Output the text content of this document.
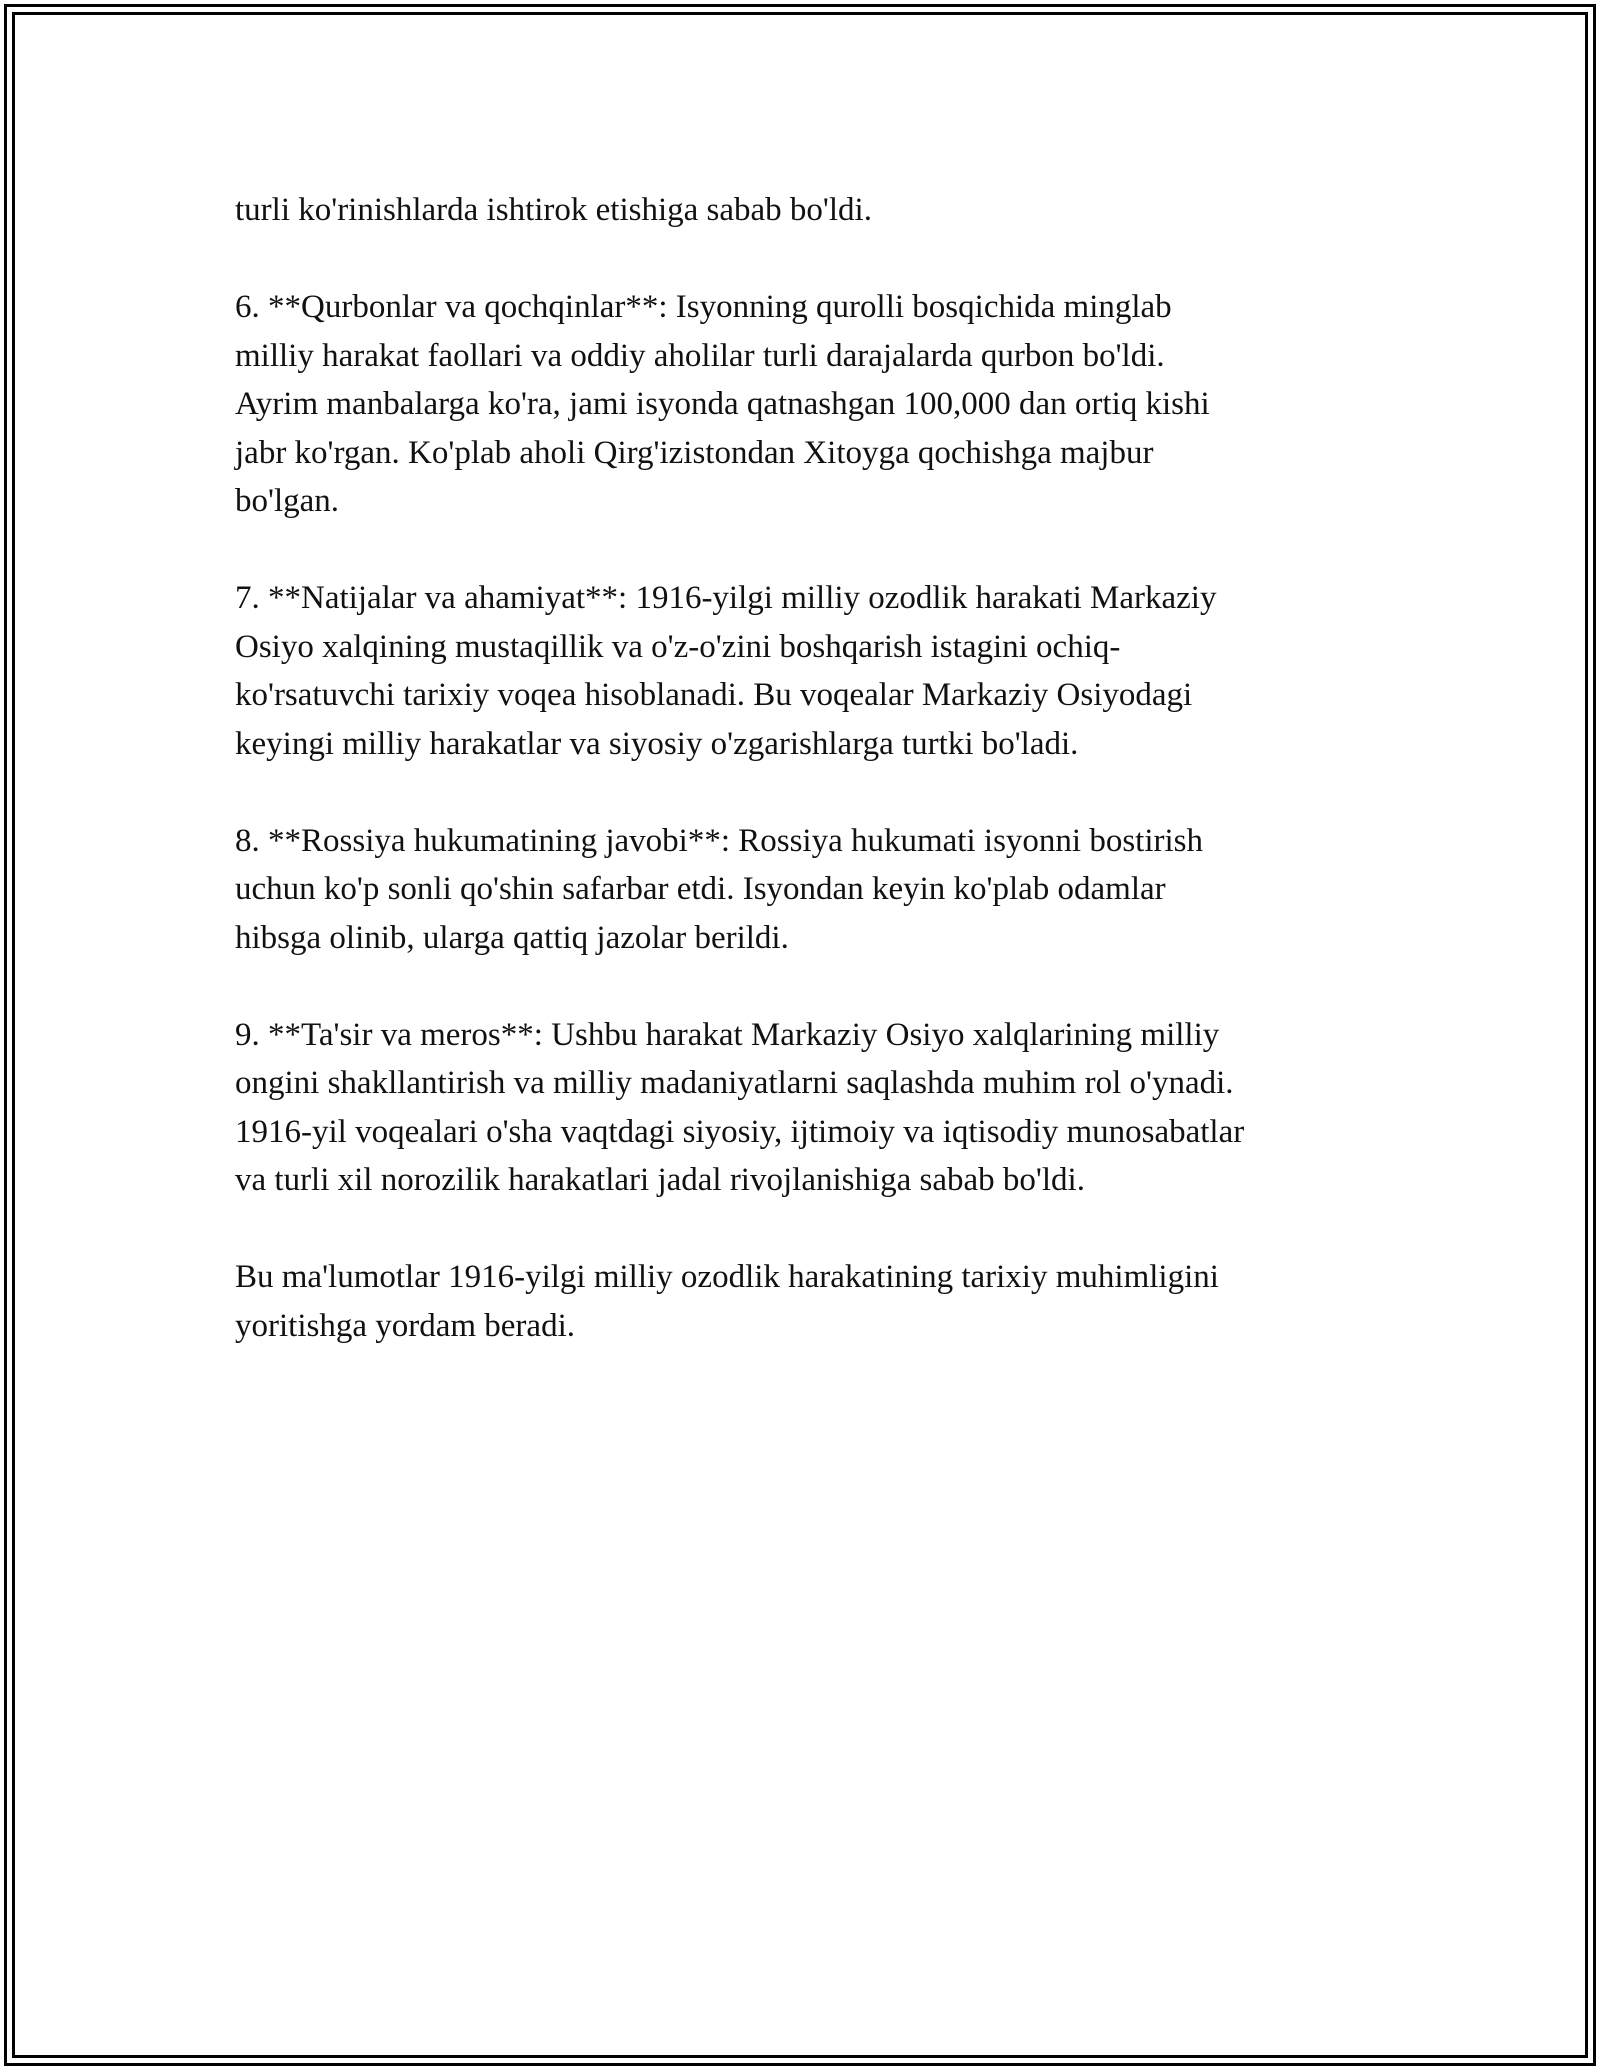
turli ko'rinishlarda ishtirok etishiga sabab bo'ldi.

6. **Qurbonlar va qochqinlar**: Isyonning qurolli bosqichida minglab
milliy harakat faollari va oddiy aholilar turli darajalarda qurbon bo'ldi.
Ayrim manbalarga ko'ra, jami isyonda qatnashgan 100,000 dan ortiq kishi
jabr ko'rgan. Ko'plab aholi Qirg'izistondan Xitoyga qochishga majbur
bo'lgan.

7. **Natijalar va ahamiyat**: 1916-yilgi milliy ozodlik harakati Markaziy
Osiyo xalqining mustaqillik va o'z-o'zini boshqarish istagini ochiq-
ko'rsatuvchi tarixiy voqea hisoblanadi. Bu voqealar Markaziy Osiyodagi
keyingi milliy harakatlar va siyosiy o'zgarishlarga turtki bo'ladi.

8. **Rossiya hukumatining javobi**: Rossiya hukumati isyonni bostirish
uchun ko'p sonli qo'shin safarbar etdi. Isyondan keyin ko'plab odamlar
hibsga olinib, ularga qattiq jazolar berildi.

9. **Ta'sir va meros**: Ushbu harakat Markaziy Osiyo xalqlarining milliy
ongini shakllantirish va milliy madaniyatlarni saqlashda muhim rol o'ynadi.
1916-yil voqealari o'sha vaqtdagi siyosiy, ijtimoiy va iqtisodiy munosabatlar
va turli xil norozilik harakatlari jadal rivojlanishiga sabab bo'ldi.

Bu ma'lumotlar 1916-yilgi milliy ozodlik harakatining tarixiy muhimligini
yoritishga yordam beradi.
